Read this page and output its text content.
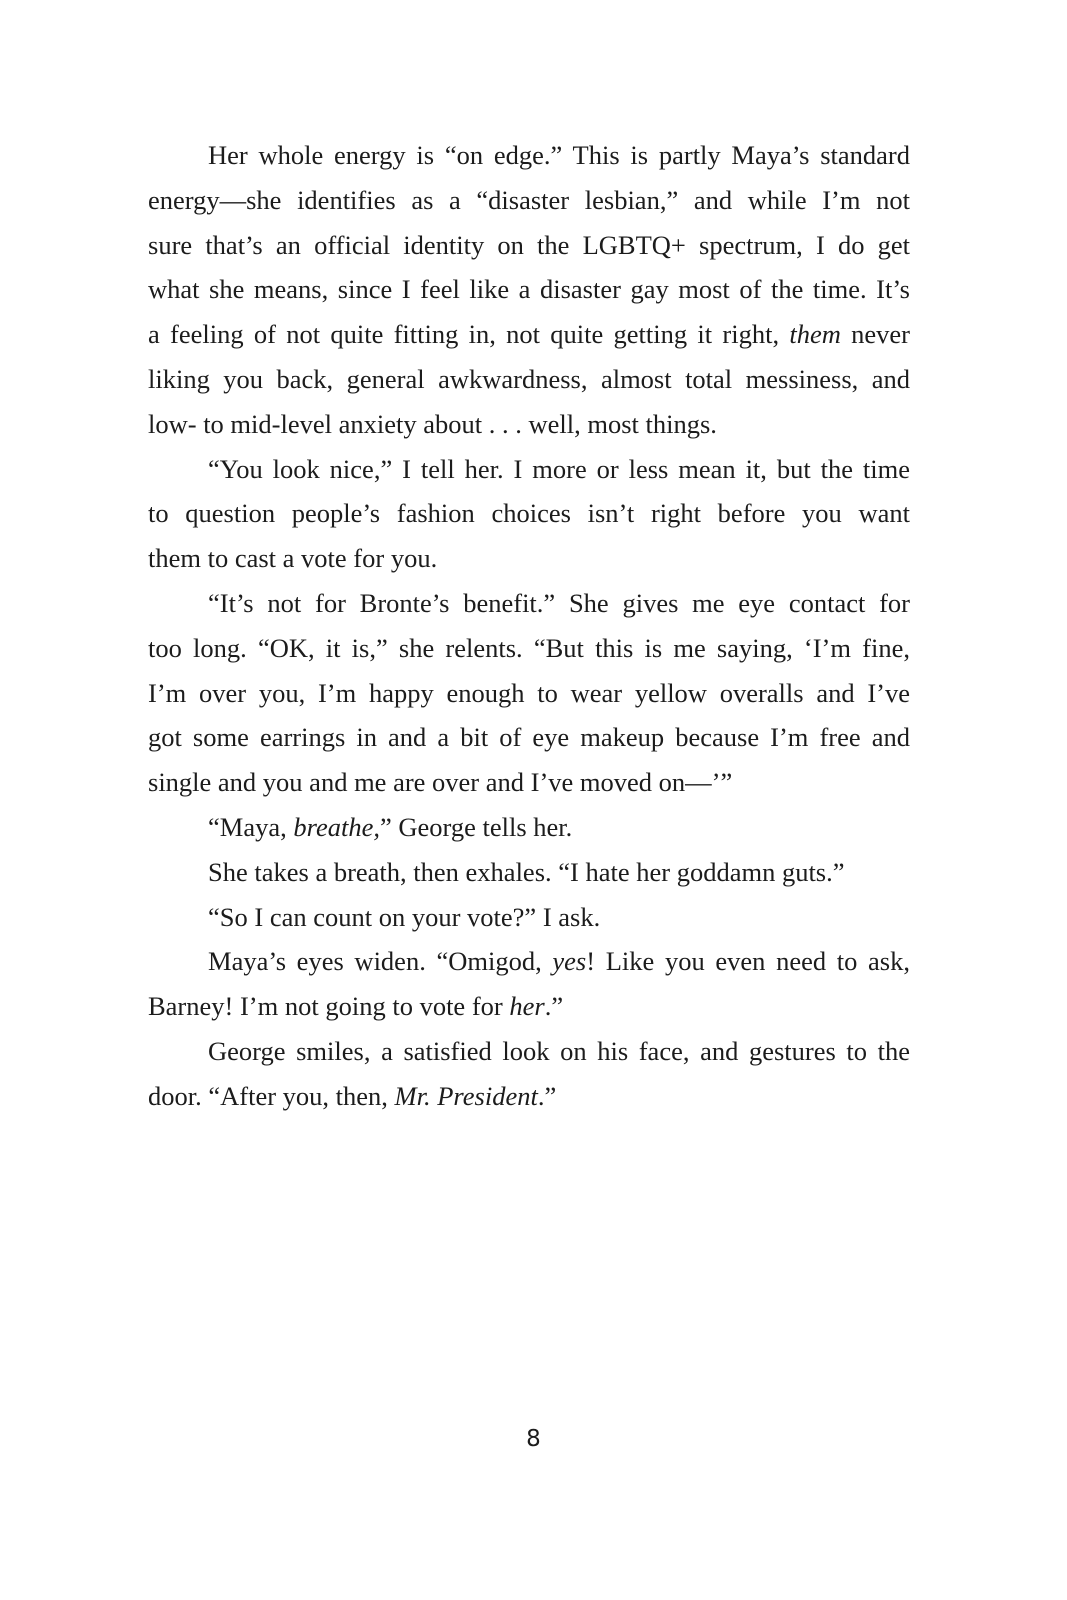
Her whole energy is “on edge.” This is partly Maya’s standard
energy—she identifies as a “disaster lesbian,” and while I’m not
sure that’s an official identity on the LGBTQ+ spectrum, I do get
what she means, since I feel like a disaster gay most of the time. It’s
a feeling of not quite fitting in, not quite getting it right, them never
liking you back, general awkwardness, almost total messiness, and
low- to mid-level anxiety about . . . well, most things.
“You look nice,” I tell her. I more or less mean it, but the time
to question people’s fashion choices isn’t right before you want
them to cast a vote for you.
“It’s not for Bronte’s benefit.” She gives me eye contact for
too long. “OK, it is,” she relents. “But this is me saying, ‘I’m fine,
I’m over you, I’m happy enough to wear yellow overalls and I’ve
got some earrings in and a bit of eye makeup because I’m free and
single and you and me are over and I’ve moved on—’”
“Maya, breathe,” George tells her.
She takes a breath, then exhales. “I hate her goddamn guts.”
“So I can count on your vote?” I ask.
Maya’s eyes widen. “Omigod, yes! Like you even need to ask,
Barney! I’m not going to vote for her.”
George smiles, a satisfied look on his face, and gestures to the
door. “After you, then, Mr. President.”
8
